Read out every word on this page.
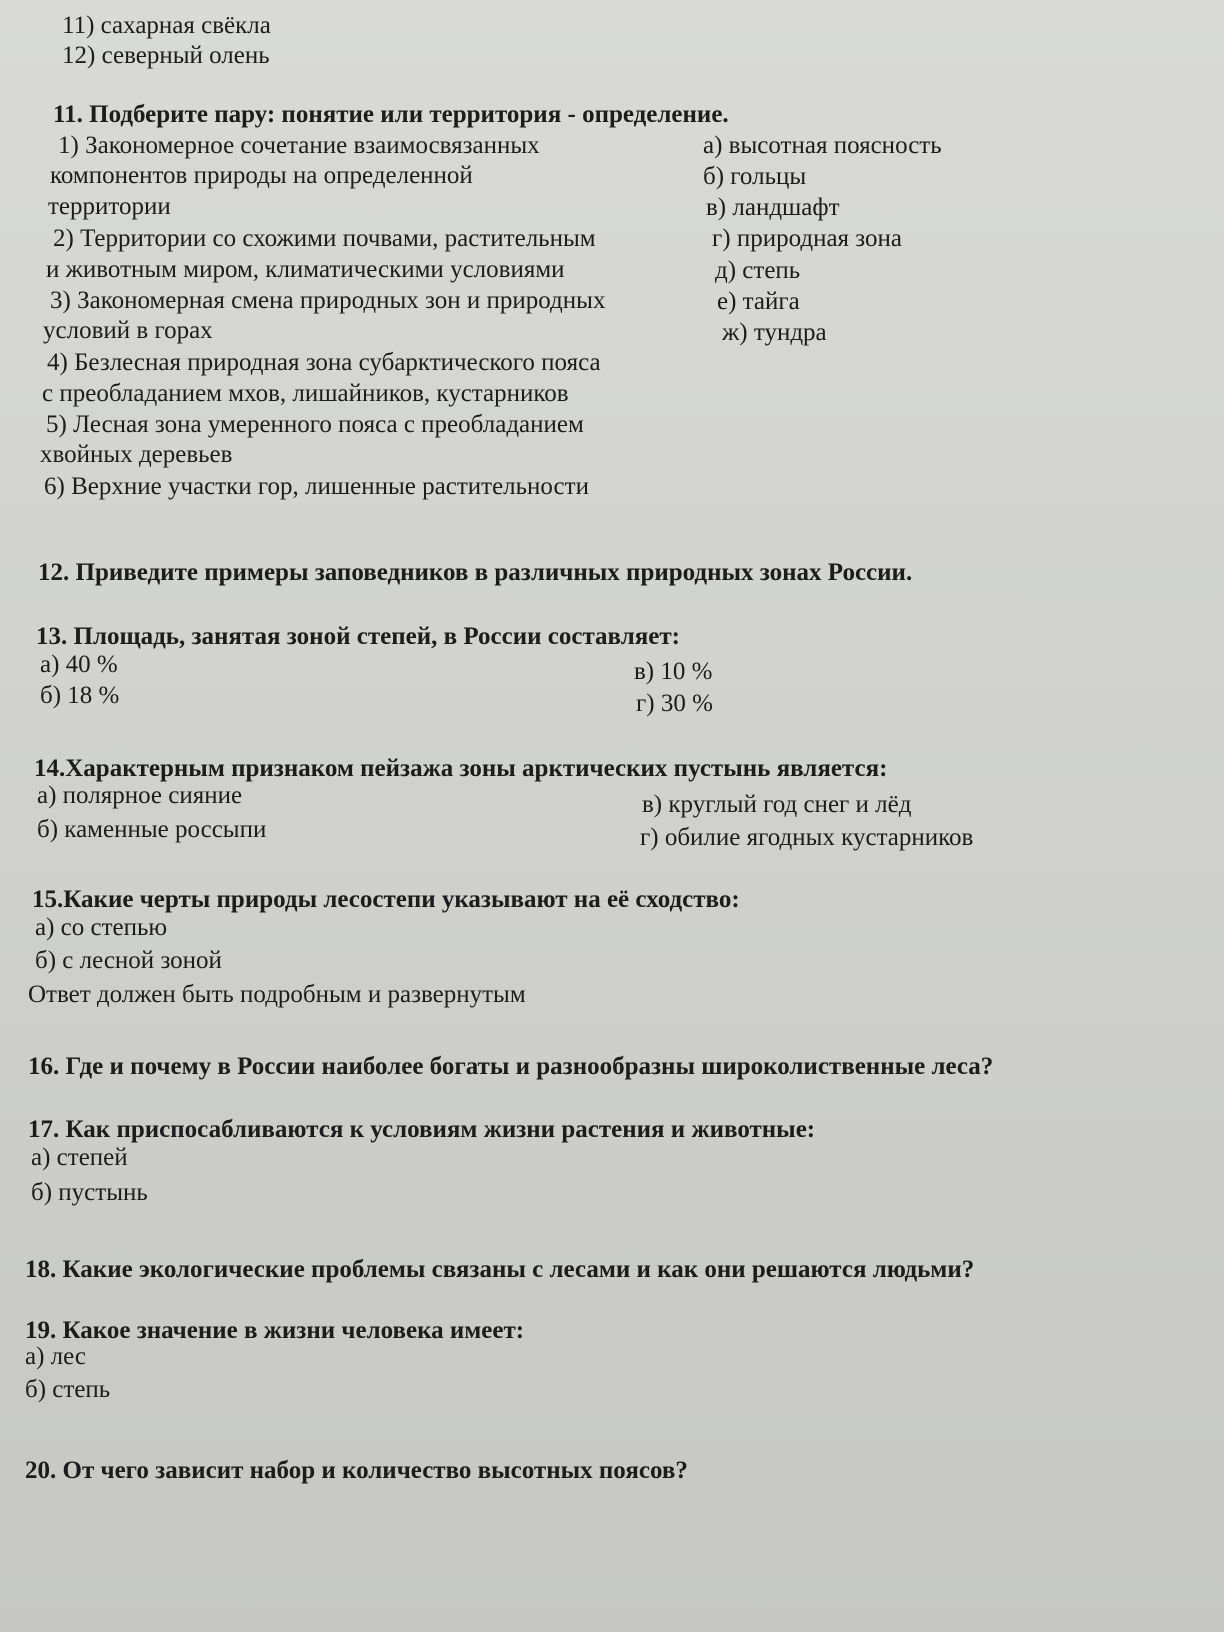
11) сахарная свёкла
12) северный олень
11. Подберите пару: понятие или территория - определение.
1) Закономерное сочетание взаимосвязанных
компонентов природы на определенной
территории
2) Территории со схожими почвами, растительным
и животным миром, климатическими условиями
3) Закономерная смена природных зон и природных
условий в горах
4) Безлесная природная зона субарктического пояса
с преобладанием мхов, лишайников, кустарников
5) Лесная зона умеренного пояса с преобладанием
хвойных деревьев
6) Верхние участки гор, лишенные растительности
а) высотная поясность
б) гольцы
в) ландшафт
г) природная зона
д) степь
е) тайга
ж) тундра
12. Приведите примеры заповедников в различных природных зонах России.
13. Площадь, занятая зоной степей, в России составляет:
а) 40 %
б) 18 %
в) 10 %
г) 30 %
14.Характерным признаком пейзажа зоны арктических пустынь является:
а) полярное сияние
б) каменные россыпи
в) круглый год снег и лёд
г) обилие ягодных кустарников
15.Какие черты природы лесостепи указывают на её сходство:
а) со степью
б) с лесной зоной
Ответ должен быть подробным и развернутым
16. Где и почему в России наиболее богаты и разнообразны широколиственные леса?
17. Как приспосабливаются к условиям жизни растения и животные:
а) степей
б) пустынь
18. Какие экологические проблемы связаны с лесами и как они решаются людьми?
19. Какое значение в жизни человека имеет:
а) лес
б) степь
20. От чего зависит набор и количество высотных поясов?
